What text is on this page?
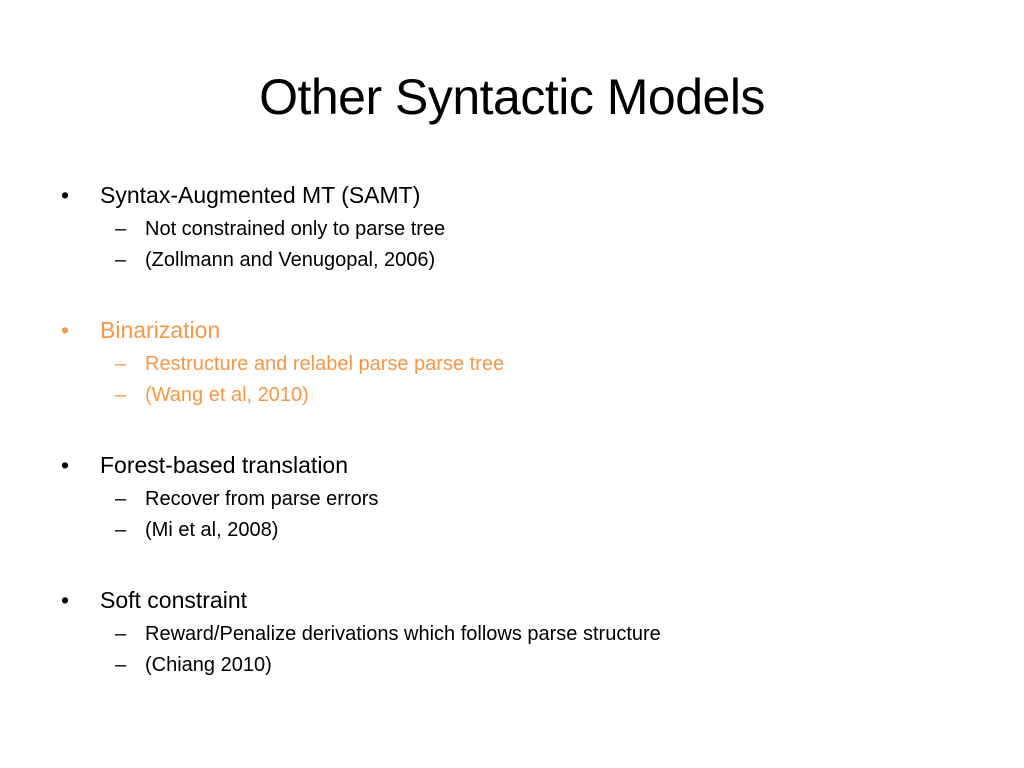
Other Syntactic Models
•	Syntax-Augmented MT (SAMT)
– Not constrained only to parse tree
– (Zollmann and Venugopal, 2006)
•	Binarization
– Restructure and relabel parse parse tree
– (Wang et al, 2010)
•	Forest-based translation
– Recover from parse errors
– (Mi et al, 2008)
•	Soft constraint
– Reward/Penalize derivations which follows parse structure
– (Chiang 2010)
